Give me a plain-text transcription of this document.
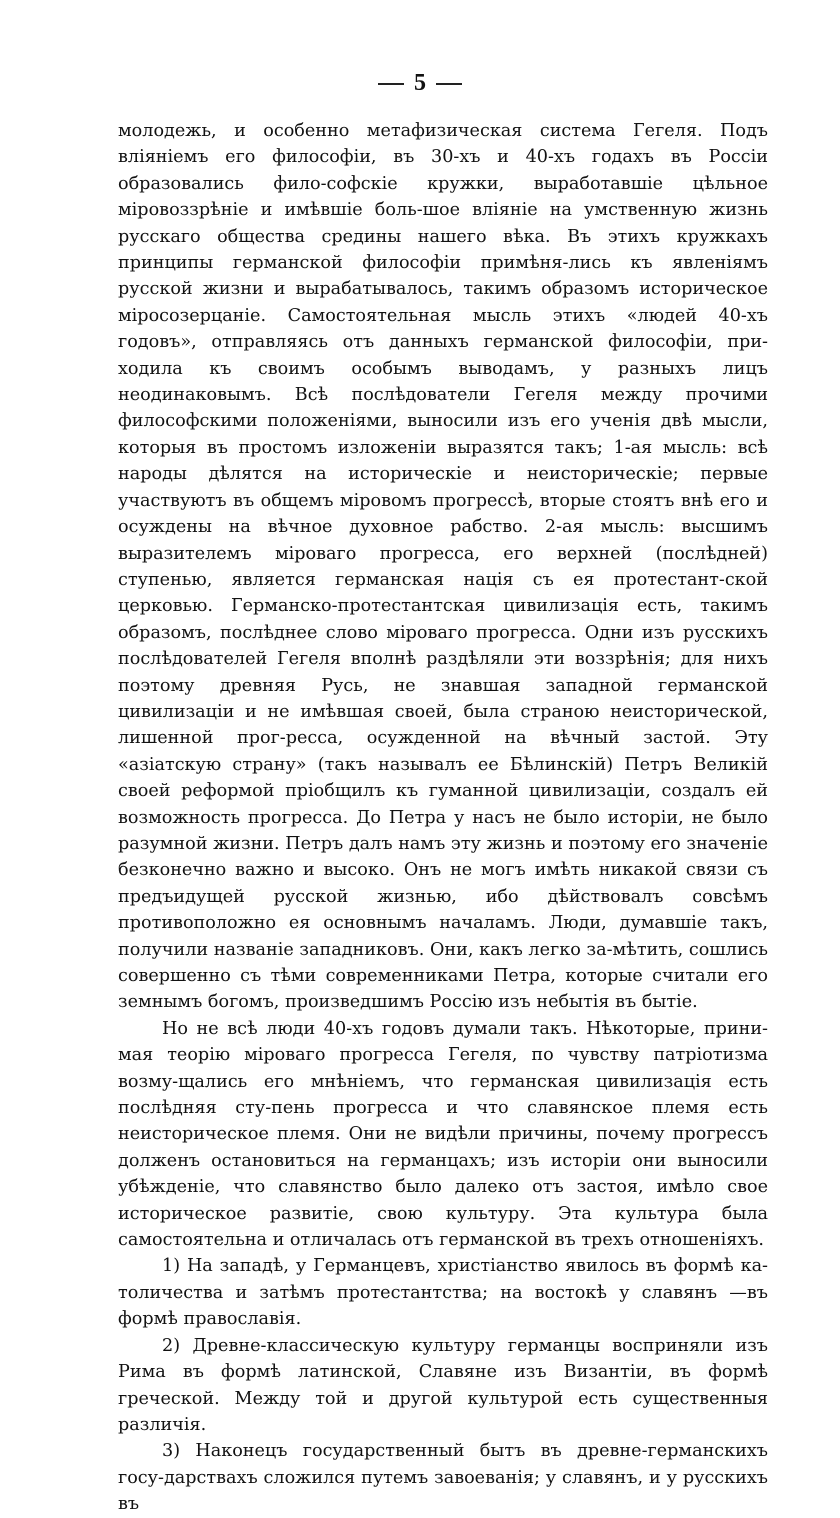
5

молодежь, и особенно метафизическая система Гегеля. Подъ вліяніемъ его философіи, въ 30-хъ и 40-хъ годахъ въ Россіи образовались фило-софскіе кружки, выработавшіе цѣльное міровоззрѣніе и имѣвшіе боль-шое вліяніе на умственную жизнь русскаго общества средины нашего вѣка. Въ этихъ кружкахъ принципы германской философіи примѣня-лись къ явленіямъ русской жизни и вырабатывалось, такимъ образомъ историческое міросозерцаніе. Самостоятельная мысль этихъ «людей 40-хъ годовъ», отправляясь отъ данныхъ германской философіи, при-ходила къ своимъ особымъ выводамъ, у разныхъ лицъ неодинаковымъ. Всѣ послѣдователи Гегеля между прочими философскими положеніями, выносили изъ его ученія двѣ мысли, которыя въ простомъ изложеніи выразятся такъ; 1-ая мысль: всѣ народы дѣлятся на историческіе и неисторическіе; первые участвуютъ въ общемъ міровомъ прогрессѣ, вторые стоятъ внѣ его и осуждены на вѣчное духовное рабство. 2-ая мысль: высшимъ выразителемъ міроваго прогресса, его верхней (послѣдней) ступенью, является германская нація съ ея протестант-ской церковью. Германско-протестантская цивилизація есть, такимъ образомъ, послѣднее слово міроваго прогресса. Одни изъ русскихъ послѣдователей Гегеля вполнѣ раздѣляли эти воззрѣнія; для нихъ поэтому древняя Русь, не знавшая западной германской цивилизаціи и не имѣвшая своей, была страною неисторической, лишенной прог-ресса, осужденной на вѣчный застой. Эту «азіатскую страну» (такъ называлъ ее Бѣлинскій) Петръ Великій своей реформой пріобщилъ къ гуманной цивилизаціи, создалъ ей возможность прогресса. До Петра у насъ не было исторіи, не было разумной жизни. Петръ далъ намъ эту жизнь и поэтому его значеніе безконечно важно и высоко. Онъ не могъ имѣть никакой связи съ предъидущей русской жизнью, ибо дѣйствовалъ совсѣмъ противоположно ея основнымъ началамъ. Люди, думавшіе такъ, получили названіе западниковъ. Они, какъ легко за-мѣтить, сошлись совершенно съ тѣми современниками Петра, которые считали его земнымъ богомъ, произведшимъ Россію изъ небытія въ бытіе.

Но не всѣ люди 40-хъ годовъ думали такъ. Нѣкоторые, прини-мая теорію міроваго прогресса Гегеля, по чувству патріотизма возму-щались его мнѣніемъ, что германская цивилизація есть послѣдняя сту-пень прогресса и что славянское племя есть неисторическое племя. Они не видѣли причины, почему прогрессъ долженъ остановиться на германцахъ; изъ исторіи они выносили убѣжденіе, что славянство было далеко отъ застоя, имѣло свое историческое развитіе, свою культуру. Эта культура была самостоятельна и отличалась отъ германской въ трехъ отношеніяхъ.

1) На западѣ, у Германцевъ, христіанство явилось въ формѣ ка-толичества и затѣмъ протестантства; на востокѣ у славянъ —въ формѣ православія.

2) Древне-классическую культуру германцы восприняли изъ Рима въ формѣ латинской, Славяне изъ Византіи, въ формѣ греческой. Между той и другой культурой есть существенныя различія.

3) Наконецъ государственный бытъ въ древне-германскихъ госу-дарствахъ сложился путемъ завоеванія; у славянъ, и у русскихъ въ
